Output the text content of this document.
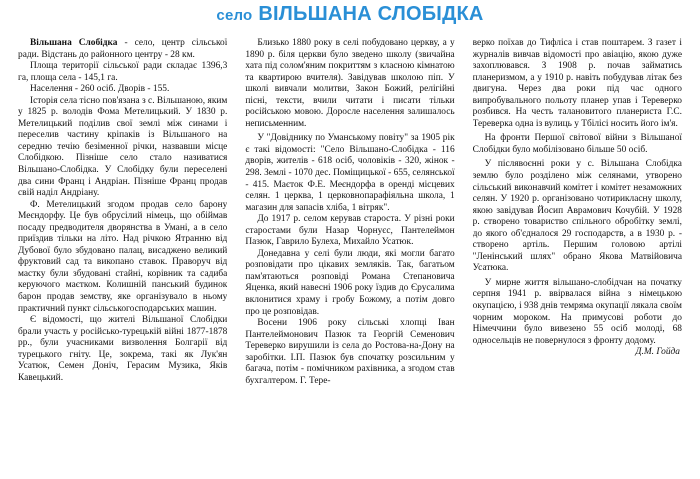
село ВІЛЬШАНА СЛОБІДКА

Вільшана Слобідка - село, центр сільської ради. Відстань до районного центру - 28 км.

Площа території сільської ради складає 1396,3 га, площа села - 145,1 га.

Населення - 260 осіб. Дворів - 155.

Історія села тісно пов'язана з с. Вільшаною, яким у 1825 р. володів Фома Метелицький. У 1830 р. Метелицький поділив свої землі між синами і переселив частину кріпаків із Вільшаного на середню течію безіменної річки, назвавши місце Слобідкою. Пізніше село стало називатися Вільшано-Слобідка. У Слобідку були переселені два сини Франц і Андріан. Пізніше Франц продав свій наділ Андріану.

Ф. Метелицький згодом продав село барону Меєндорфу. Це був обрусілий німець, що обіймав посаду предводителя дворянства в Умані, а в село приїздив тільки на літо. Над річкою Ятранню від Дубової було збудовано палац, висаджено великий фруктовий сад та викопано ставок. Праворуч від мастку були збудовані стайні, корівник та садиба керуючого маєтком. Колишній панський будинок барон продав земству, яке організувало в ньому практичний пункт сільськогосподарських машин.

Є відомості, що жителі Вільшаної Слобідки брали участь у російсько-турецькій війні 1877-1878 рр., були учасниками визволення Болгарії від турецького гніту. Це, зокрема, такі як Лук'ян Усатюк, Семен Доніч, Герасим Музика, Яків Кавецький.

Близько 1880 року в селі побудовано церкву, а у 1890 р. біля церкви було зведено школу (звичайна хата під солом'яним покриттям з класною кімнатою та квартирою вчителя). Завідував школою піп. У школі вивчали молитви, Закон Божий, релігійні пісні, тексти, вчили читати і писати тільки російською мовою. Доросле населення залишалось неписьменним.

У "Довіднику по Уманському повіту" за 1905 рік є такі відомості: "Село Вільшано-Слобідка - 116 дворів, жителів - 618 осіб, чоловіків - 320, жінок - 298. Землі - 1070 дес. Поміщицької - 655, селянської - 415. Маєток Ф.Е. Меєндорфа в оренді місцевих селян. 1 церква, 1 церковнопарафіяльна школа, 1 магазин для запасів хліба, 1 вітряк".

До 1917 р. селом керував староста. У різні роки старостами були Назар Чорнуєс, Пантелеймон Пазюк, Гаврило Булеха, Михайло Усатюк.

Донедавна у селі були люди, які могли багато розповідати про цікавих земляків. Так, багатьом пам'ятаються розповіді Романа Степановича Яценка, який навесні 1906 року їздив до Єрусалима вклонитися храму і гробу Божому, а потім довго про це розповідав.

Восени 1906 року сільські хлопці Іван Пантелеймонович Пазюк та Георгій Семенович Тереверко вирушили із села до Ростова-на-Дону на заробітки. І.П. Пазюк був спочатку розсильним у багача, потім - помічником рахівника, а згодом став бухгалтером. Г. Тере-

верко поїхав до Тифліса і став поштарем. З газет і журналів вивчав відомості про авіацію, якою дуже захоплювався. З 1908 р. почав займатись планеризмом, а у 1910 р. навіть побудував літак без двигуна. Через два роки під час одного випробувального польоту планер упав і Тереверко розбився. На честь талановитого планериста Г.С. Тереверка одна із вулиць у Тбілісі носить його ім'я.

На фронти Першої світової війни з Вільшаної Слобідки було мобілізовано більше 50 осіб.

У післявоєнні роки у с. Вільшана Слобідка землю було розділено між селянами, утворено сільський виконавчий комітет і комітет незаможних селян. У 1920 р. організовано чотирикласну школу, якою завідував Йосип Аврамович Кочубій. У 1928 р. створено товариство спільного обробітку землі, до якого об'єдналося 29 господарств, а в 1930 р. - створено артіль. Першим головою артілі "Ленінський шлях" обрано Якова Матвійовича Усатюка.

У мирне життя вільшано-слобідчан на початку серпня 1941 р. ввірвалася війна з німецькою окупацією, і 938 днів темряма окупації лякала своїм чорним мороком. На примусові роботи до Німеччини було вивезено 55 осіб молоді, 68 односельців не повернулося з фронту додому.

Д.М. Гойда
